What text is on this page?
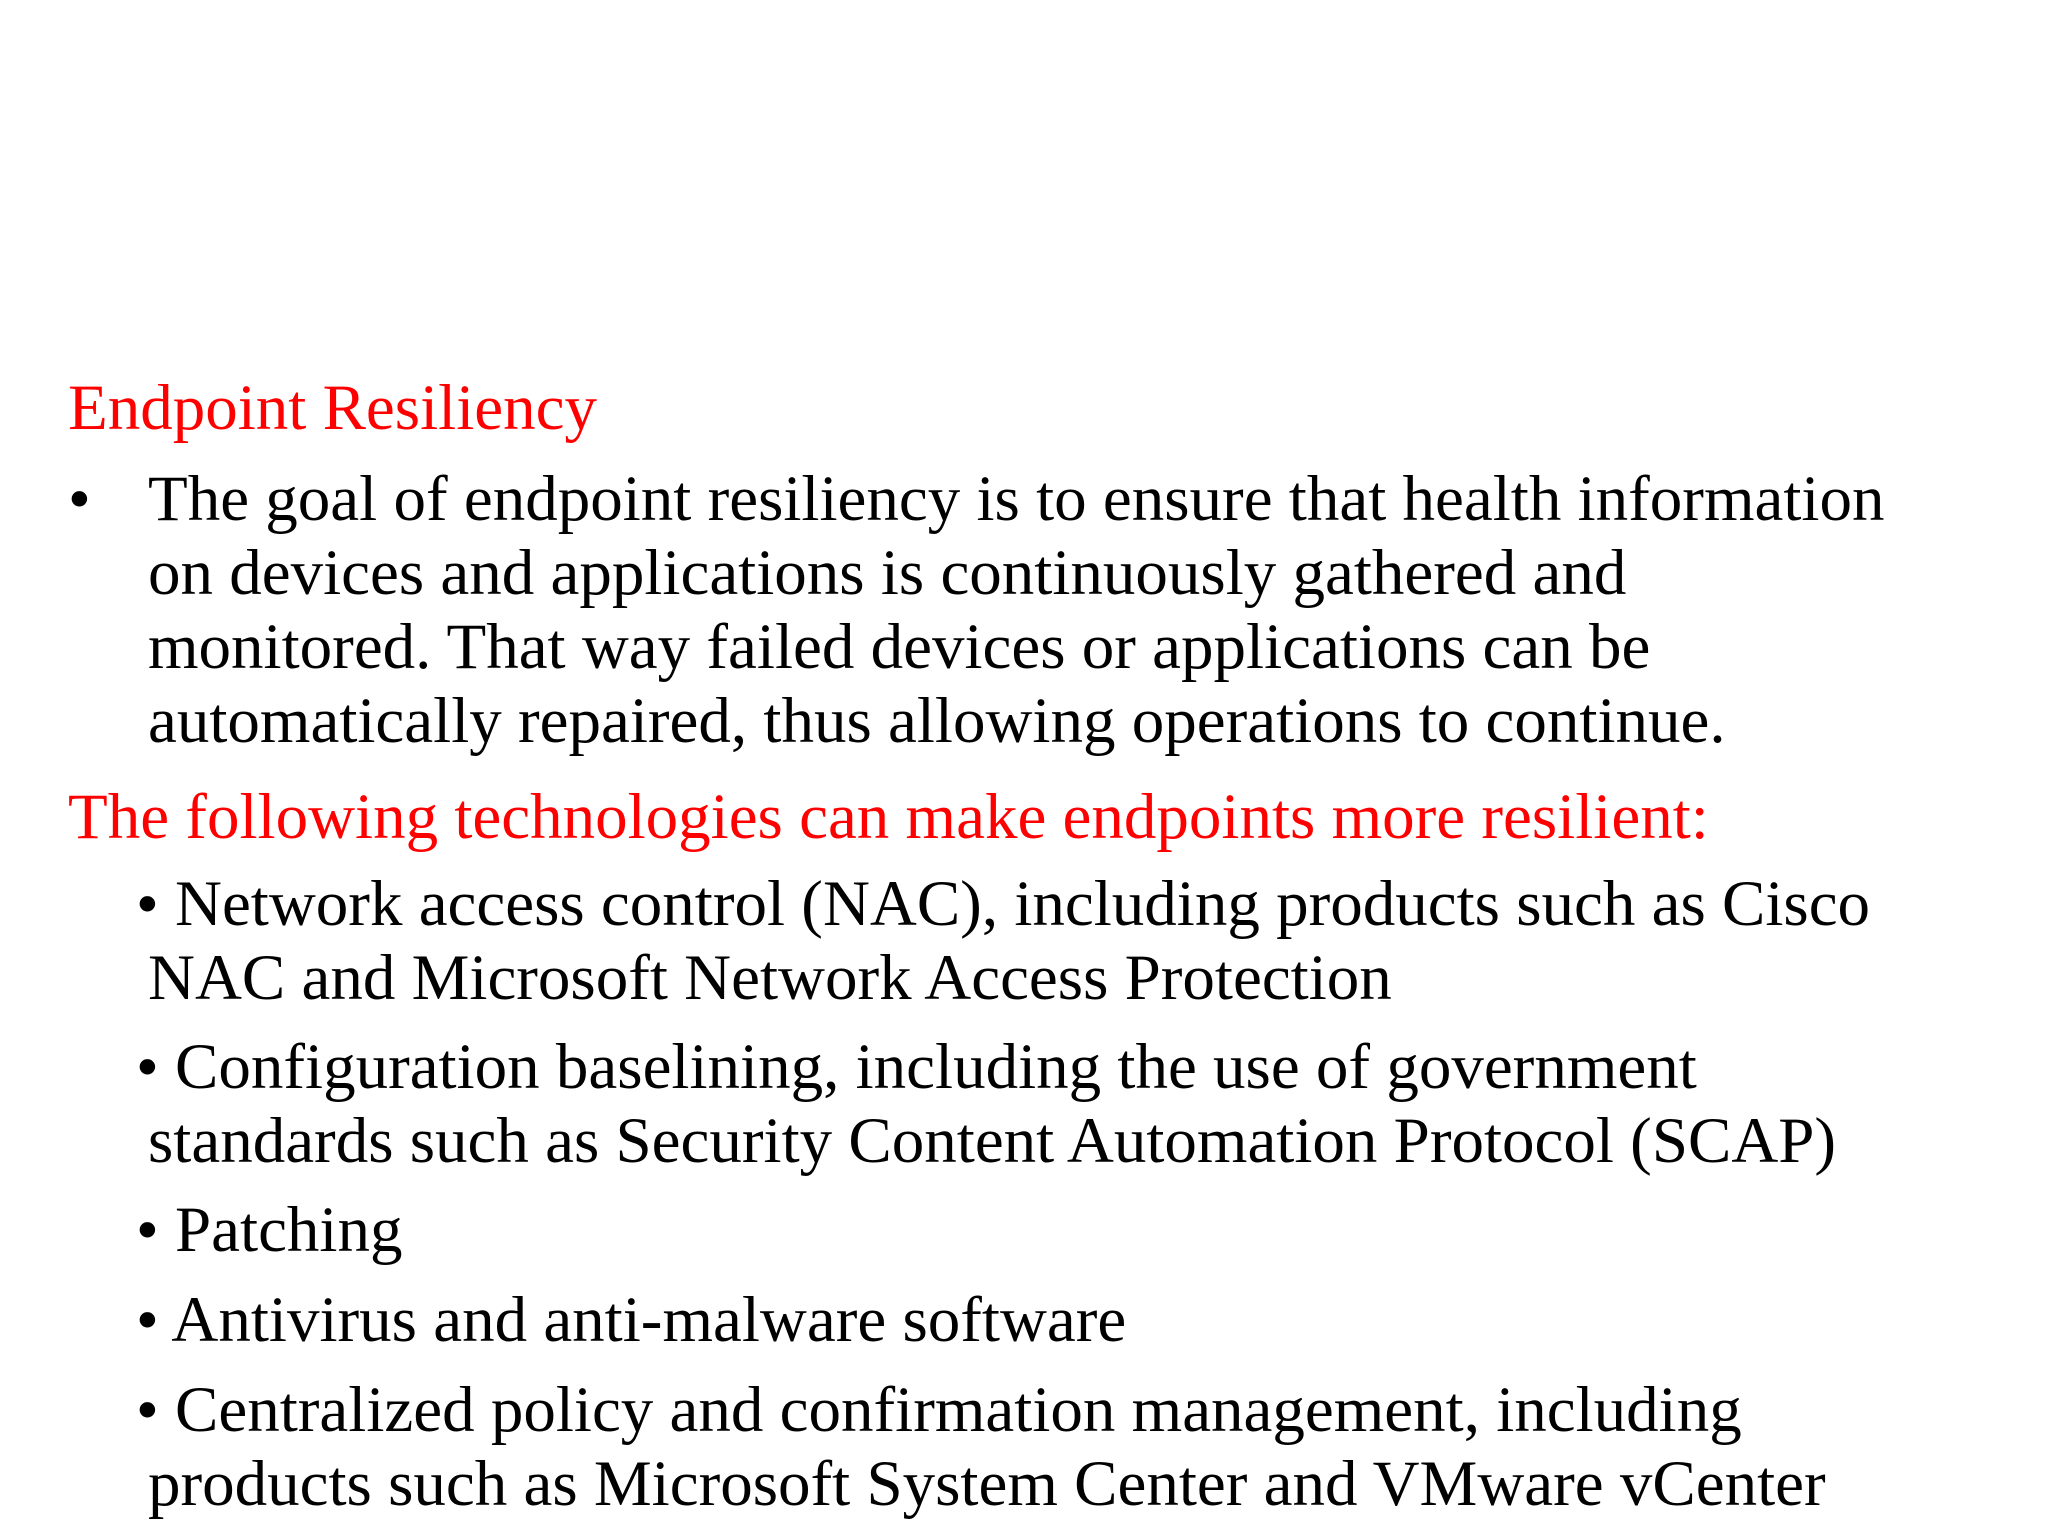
Endpoint Resiliency
• The goal of endpoint resiliency is to ensure that health information
on devices and applications is continuously gathered and
monitored. That way failed devices or applications can be
automatically repaired, thus allowing operations to continue.
The following technologies can make endpoints more resilient:
• Network access control (NAC), including products such as Cisco
NAC and Microsoft Network Access Protection
• Configuration baselining, including the use of government
standards such as Security Content Automation Protocol (SCAP)
• Patching
• Antivirus and anti-malware software
• Centralized policy and confirmation management, including
products such as Microsoft System Center and VMware vCenter
